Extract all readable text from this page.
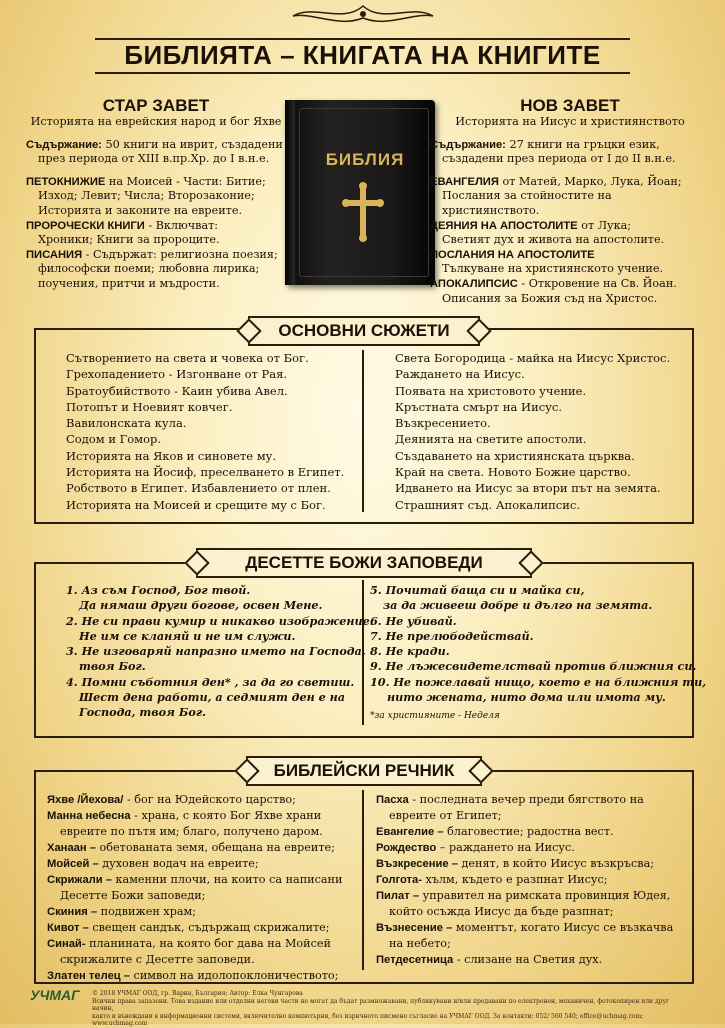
БИБЛИЯТА – КНИГАТА НА КНИГИТЕ
СТАР ЗАВЕТ
Историята на еврейския народ и бог Яхве

Съдържание: 50 книги на иврит, създадени

през периода от XIII в.пр.Хр. до I в.н.е.

ПЕТОКНИЖИЕ на Моисей - Части: Битие;

Изход; Левит; Числа; Второзаконие;

Историята и законите на евреите.

ПРОРОЧЕСКИ КНИГИ - Включват:

Хроники; Книги за пророците.

ПИСАНИЯ - Съдържат: религиозна поезия;

философски поеми; любовна лирика;

поучения, притчи и мъдрости.

БИБЛИЯ
НОВ ЗАВЕТ
Историята на Иисус и християнството

Съдържание: 27 книги на гръцки език,

създадени през периода от I до II в.н.е.

ЕВАНГЕЛИЯ от Матей, Марко, Лука, Йоан;

Послания за стойностите на християнството.

ДЕЯНИЯ НА АПОСТОЛИТЕ от Лука;

Светият дух и живота на апостолите.

ПОСЛАНИЯ НА АПОСТОЛИТЕ

Тълкуване на християнското учение.

АПОКАЛИПСИС - Откровение на Св. Йоан.

Описания за Божия съд на Христос.

ОСНОВНИ СЮЖЕТИ
Сътворението на света и човека от Бог.
Грехопадението - Изгонване от Рая.
Братоубийството - Каин убива Авел.
Потопът и Ноевият ковчег.
Вавилонската кула.
Содом и Гомор.
Историята на Яков и синовете му.
Историята на Йосиф, преселването в Египет.
Робството в Египет. Избавлението от плен.
Историята на Моисей и срещите му с Бог.
Света Богородица - майка на Иисус Христос.
Раждането на Иисус.
Появата на христовото учение.
Кръстната смърт на Иисус.
Възкресението.
Деянията на светите апостоли.
Създаването на християнската църква.
Край на света. Новото Божие царство.
Идването на Иисус за втори път на земята.
Страшният съд. Апокалипсис.
ДЕСЕТТЕ БОЖИ ЗАПОВЕДИ
1. Аз съм Господ, Бог твой.
Да нямаш други богове, освен Мене.
2. Не си прави кумир и никакво изображение.
Не им се кланяй и не им служи.
3. Не изговаряй напразно името на Господа,
твоя Бог.
4. Помни съботния ден* , за да го светиш.
Шест дена работи, а седмият ден е на
Господа, твоя Бог.
5. Почитай баща си и майка си,
за да живееш добре и дълго на земята.
6. Не убивай.
7. Не прелюбодействай.
8. Не кради.
9. Не лъжесвидетелствай против ближния си.
10. Не пожелавай нищо, което е на ближния ти,
нито жената, нито дома или имота му.
*за християните - Неделя
БИБЛЕЙСКИ РЕЧНИК
Яхве /Йехова/ - бог на Юдейското царство;
Манна небесна - храна, с която Бог Яхве храни
евреите по пътя им; благо, получено даром.
Ханаан – обетованата земя, обещана на евреите;
Мойсей – духовен водач на евреите;
Скрижали – каменни плочи, на които са написани
Десетте Божи заповеди;
Скиния – подвижен храм;
Кивот – свещен сандък, съдържащ скрижалите;
Синай- планината, на която бог дава на Мойсей
скрижалите с Десетте заповеди.
Златен телец – символ на идолопоклоничеството;
Пасха - последната вечер преди бягството на
евреите от Египет;
Евангелие – благовестие; радостна вест.
Рождество – раждането на Иисус.
Възкресение – денят, в който Иисус възкръсва;
Голгота- хълм, където е разпнат Иисус;
Пилат – управител на римската провинция Юдея,
който осъжда Иисус да бъде разпнат;
Възнесение – моментът, когато Иисус се възкачва
на небето;
Петдесетница - слизане на Светия дух.
УЧМАГ © 2018 УЧМАГ ООД, гр. Варна, България; Автор: Елка Чунгарова
Всички права запазени. Това издание или отделни негови части не могат да бъдат размножавани, публикувани и/или предавани по електронен, механичен, фотокопирен или друг начин,
както и въвеждани в информационни системи, включително компютърни, без изричното писмено съгласие на УЧМАГ ООД. За контакти: 052/ 560 540; office@uchmag.com; www.uchmag.com
